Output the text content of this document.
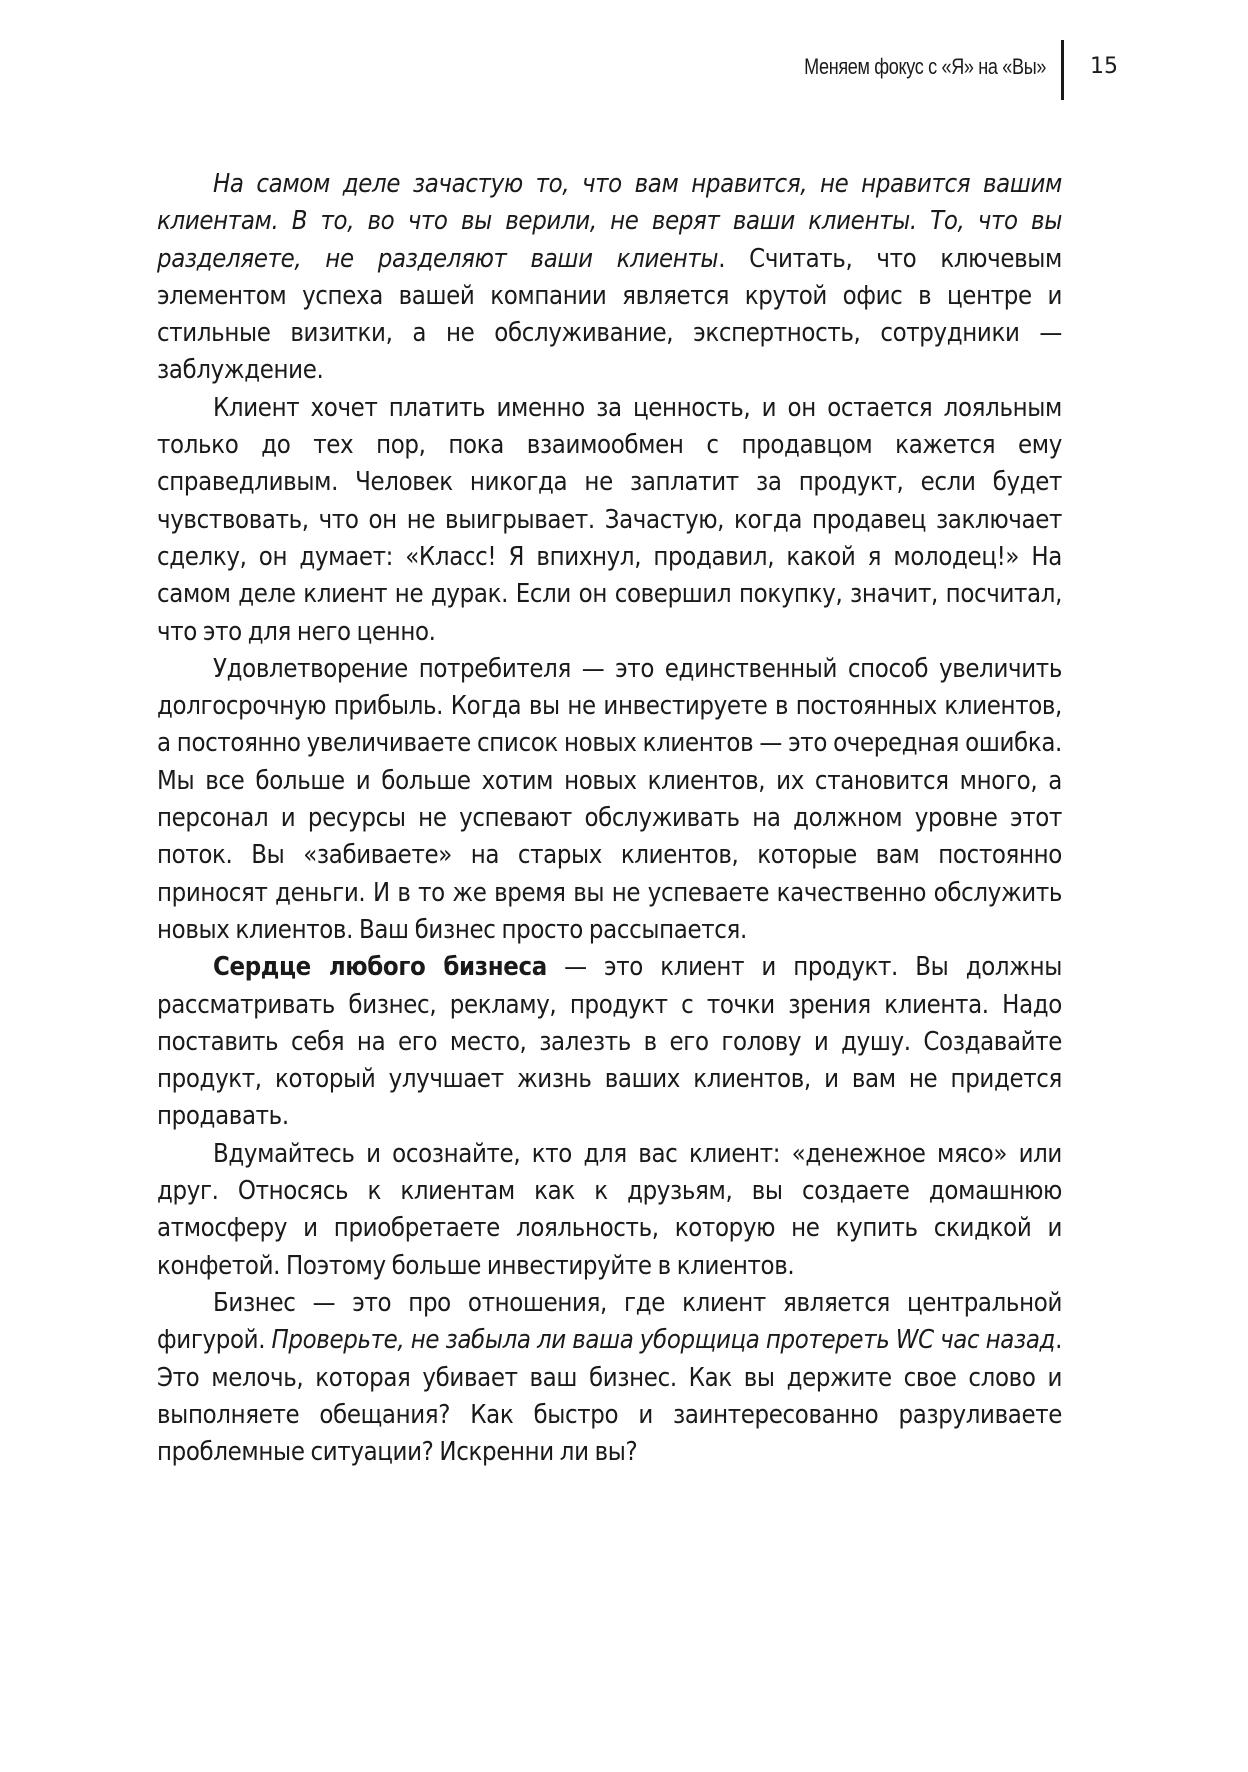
Меняем фокус с «Я» на «Вы» 15

На самом деле зачастую то, что вам нравится, не нравится вашим клиентам. В то, во что вы верили, не верят ваши клиенты. То, что вы разделяете, не разделяют ваши клиенты. Считать, что ключевым элементом успеха вашей компании является крутой офис в центре и стильные визитки, а не обслуживание, экспертность, сотрудники — заблуждение.

Клиент хочет платить именно за ценность, и он остается лояльным только до тех пор, пока взаимообмен с продавцом кажется ему справедливым. Человек никогда не заплатит за продукт, если будет чувствовать, что он не выигрывает. Зачастую, когда продавец заключает сделку, он думает: «Класс! Я впихнул, продавил, какой я молодец!» На самом деле клиент не дурак. Если он совершил покупку, значит, посчитал, что это для него ценно.

Удовлетворение потребителя — это единственный способ увеличить долгосрочную прибыль. Когда вы не инвестируете в постоянных клиентов, а постоянно увеличиваете список новых клиентов — это очередная ошибка. Мы все больше и больше хотим новых клиентов, их становится много, а персонал и ресурсы не успевают обслуживать на должном уровне этот поток. Вы «забиваете» на старых клиентов, которые вам постоянно приносят деньги. И в то же время вы не успеваете качественно обслужить новых клиентов. Ваш бизнес просто рассыпается.

Сердце любого бизнеса — это клиент и продукт. Вы должны рассматривать бизнес, рекламу, продукт с точки зрения клиента. Надо поставить себя на его место, залезть в его голову и душу. Создавайте продукт, который улучшает жизнь ваших клиентов, и вам не придется продавать.

Вдумайтесь и осознайте, кто для вас клиент: «денежное мясо» или друг. Относясь к клиентам как к друзьям, вы создаете домашнюю атмосферу и приобретаете лояльность, которую не купить скидкой и конфетой. Поэтому больше инвестируйте в клиентов.

Бизнес — это про отношения, где клиент является центральной фигурой. Проверьте, не забыла ли ваша уборщица протереть WC час назад. Это мелочь, которая убивает ваш бизнес. Как вы держите свое слово и выполняете обещания? Как быстро и заинтересованно разруливаете проблемные ситуации? Искренни ли вы?
